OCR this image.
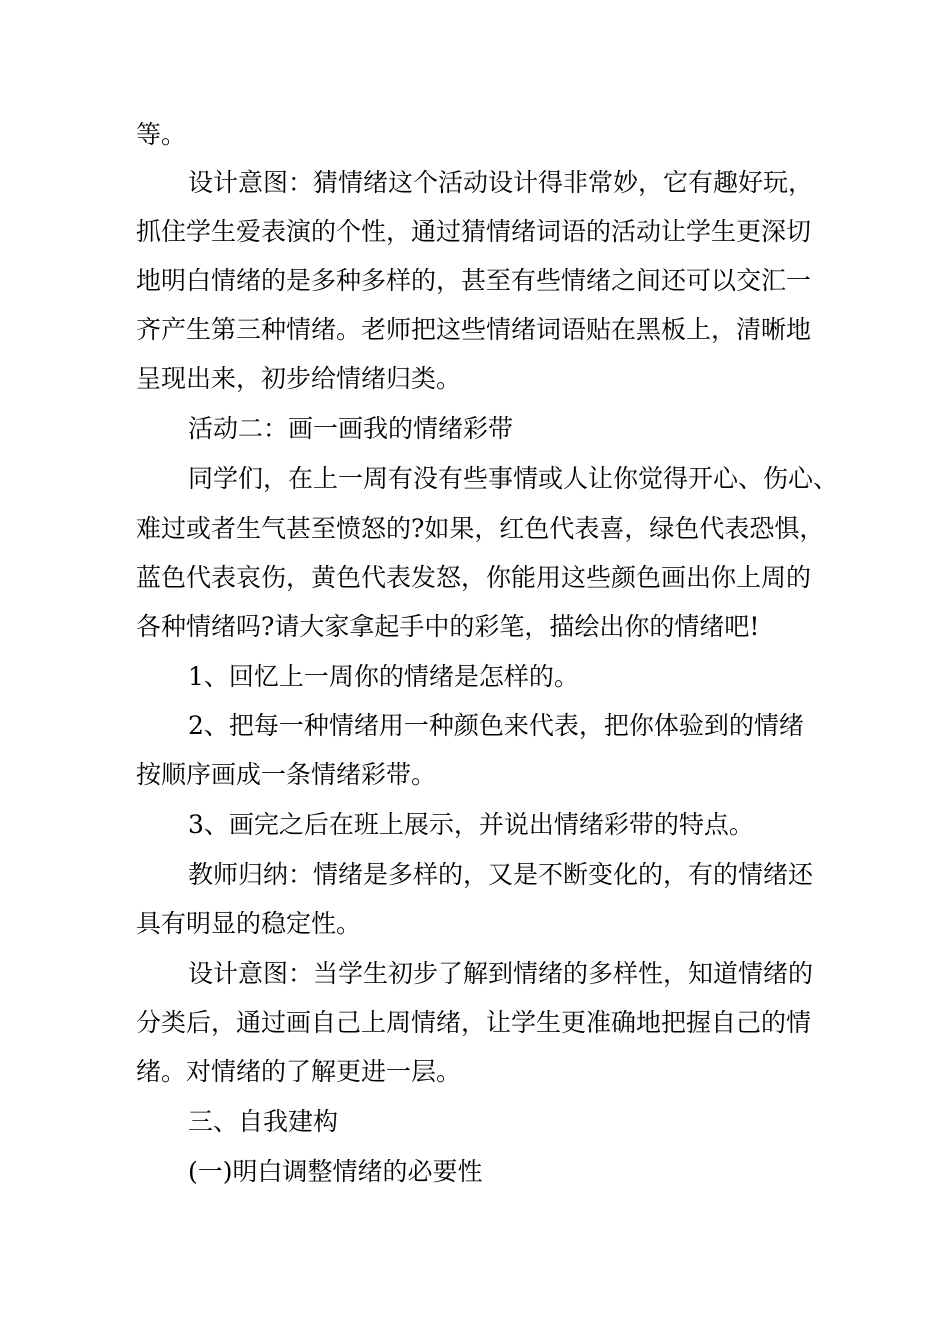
等。
设计意图：猜情绪这个活动设计得非常妙，它有趣好玩，
抓住学生爱表演的个性，通过猜情绪词语的活动让学生更深切
地明白情绪的是多种多样的，甚至有些情绪之间还可以交汇一
齐产生第三种情绪。老师把这些情绪词语贴在黑板上，清晰地
呈现出来，初步给情绪归类。
活动二：画一画我的情绪彩带
同学们，在上一周有没有些事情或人让你觉得开心、伤心、
难过或者生气甚至愤怒的?如果，红色代表喜，绿色代表恐惧，
蓝色代表哀伤，黄色代表发怒，你能用这些颜色画出你上周的
各种情绪吗?请大家拿起手中的彩笔，描绘出你的情绪吧!
1、回忆上一周你的情绪是怎样的。
2、把每一种情绪用一种颜色来代表，把你体验到的情绪
按顺序画成一条情绪彩带。
3、画完之后在班上展示，并说出情绪彩带的特点。
教师归纳：情绪是多样的，又是不断变化的，有的情绪还
具有明显的稳定性。
设计意图：当学生初步了解到情绪的多样性，知道情绪的
分类后，通过画自己上周情绪，让学生更准确地把握自己的情
绪。对情绪的了解更进一层。
三、自我建构
(一)明白调整情绪的必要性
